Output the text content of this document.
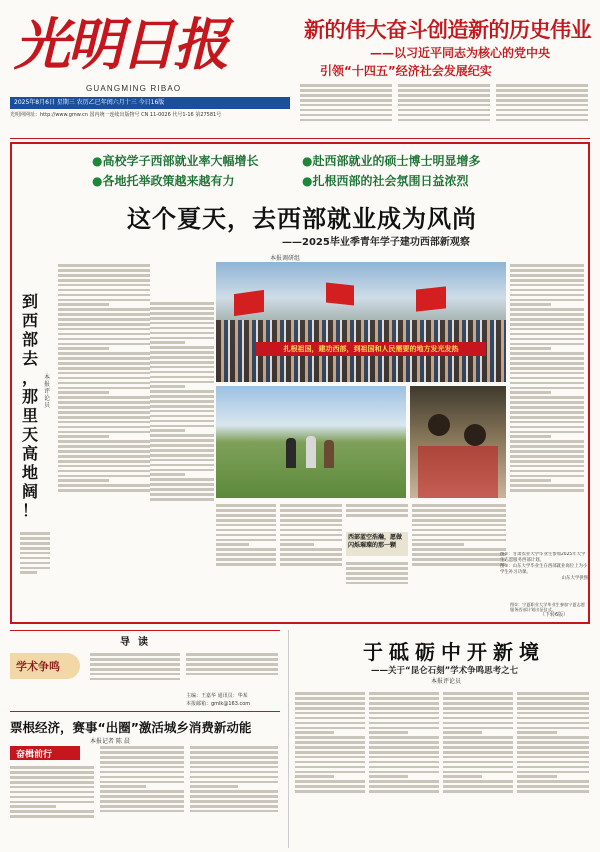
光明日报
GUANGMING RIBAO
2025年8月6日 星期三 农历乙巳年闰六月十三 今日16版
光明网网址：http://www.gmw.cn 国内统一连续出版物号 CN 11-0026 代号1-16 第27581号
新的伟大奋斗创造新的历史伟业
——以习近平同志为核心的党中央
引领“十四五”经济社会发展纪实
●高校学子西部就业率大幅增长	●赴西部就业的硕士博士明显增多
●各地托举政策越来越有力	●扎根西部的社会氛围日益浓烈
这个夏天，去西部就业成为风尚
——2025毕业季青年学子建功西部新观察
本报调研组
到
西
部
去
，
那
里
天
高
地
阔
！
本报评论员
扎根祖国，建功西部，到祖国和人民需要的地方发光发热
西部蓝空浩瀚，愿做闪烁璀璨的那一颗
图①：宁夏职业大学毕业生参加宁夏志愿服务西部计划出征仪式。
图②：甘肃农业大学毕业生参加2025年大学生志愿服务西部计划。
图③：山东大学毕业生在西部就业岗位上为小学生补习功课。
山东大学供图
（下转6版）
导读
学术争鸣
主编：王嘉华 通讯员：华某
本报邮箱：gmlk@163.com
票根经济，赛事“出圈”激活城乡消费新动能
本报记者 陈 晨
奋楫前行
于砥砺中开新境
——关于“昆仑石刻”学术争鸣思考之七
本报评论员
